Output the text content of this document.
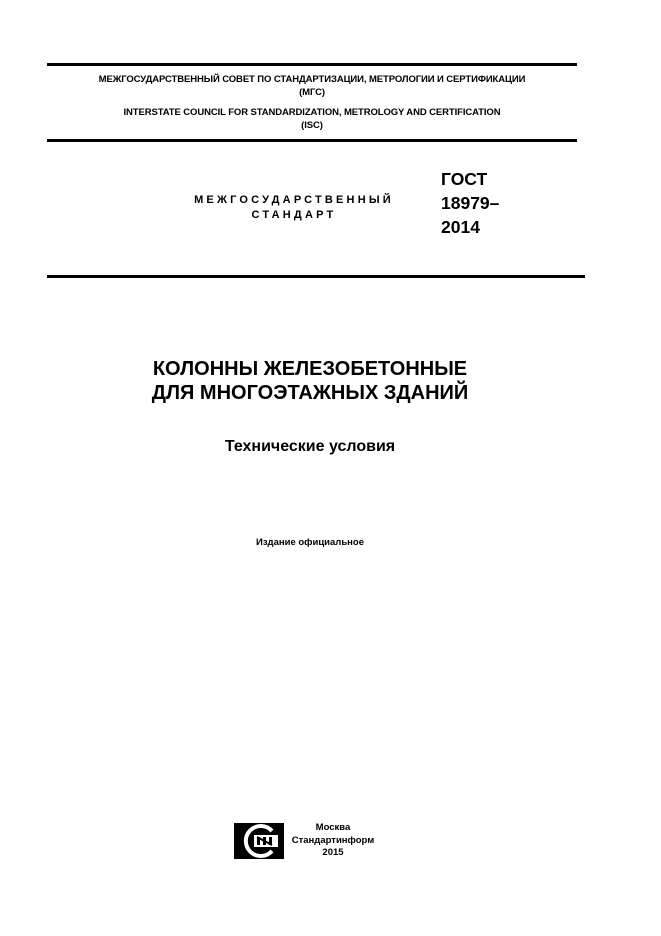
МЕЖГОСУДАРСТВЕННЫЙ СОВЕТ ПО СТАНДАРТИЗАЦИИ, МЕТРОЛОГИИ И СЕРТИФИКАЦИИ
(МГС)
INTERSTATE COUNCIL FOR STANDARDIZATION, METROLOGY AND CERTIFICATION
(ISC)
МЕЖГОСУДАРСТВЕННЫЙ
СТАНДАРТ
ГОСТ
18979–
2014
КОЛОННЫ ЖЕЛЕЗОБЕТОННЫЕ
ДЛЯ МНОГОЭТАЖНЫХ ЗДАНИЙ
Технические условия
Издание официальное
Москва
Стандартинформ
2015
